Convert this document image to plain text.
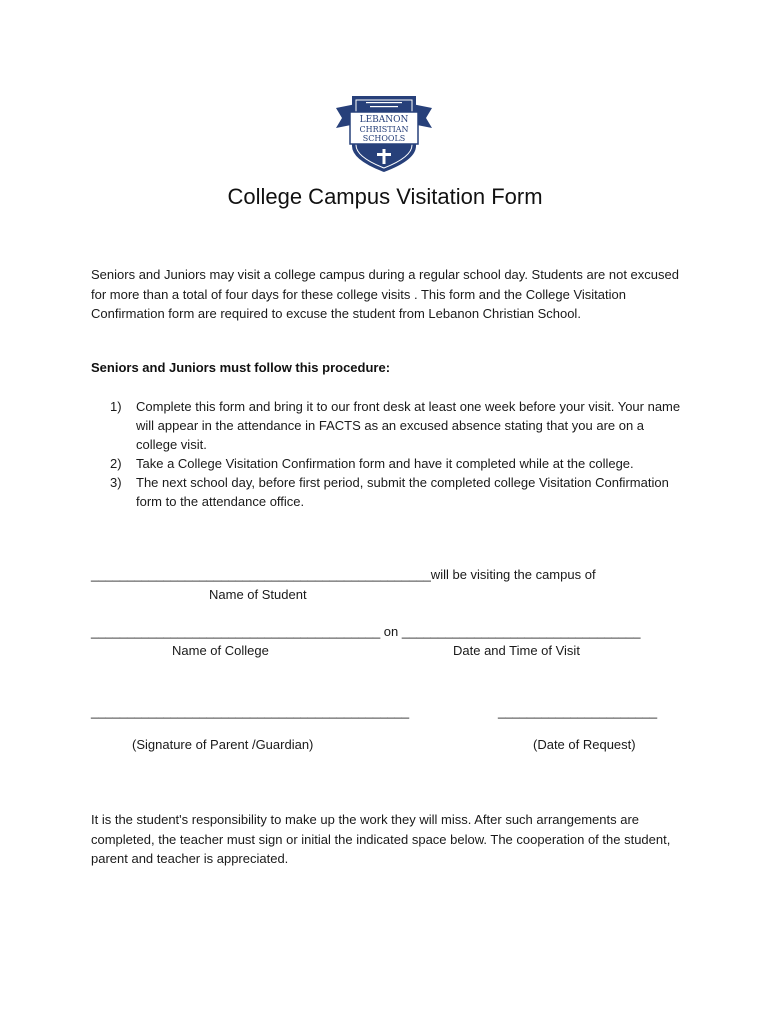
LEBANON
CHRISTIAN
SCHOOLS
College Campus Visitation Form
Seniors and Juniors may visit a college campus during a regular school day. Students are not excused for more than a total of four days for these college visits . This form and the College Visitation Confirmation form are required to excuse the student from Lebanon Christian School.
Seniors and Juniors must follow this procedure:
1)	Complete this form and bring it to our front desk at least one week before your visit. Your name will appear in the attendance in FACTS as an excused absence stating that you are on a college visit.
2)	Take a College Visitation Confirmation form and have it completed while at the college.
3)	The next school day, before first period, submit the completed college Visitation Confirmation form to the attendance office.
_______________________________________________will be visiting the campus of
Name of Student
________________________________________ on _________________________________
Name of College	Date and Time of Visit
____________________________________________	______________________
(Signature of Parent /Guardian)	(Date of Request)
It is the student's responsibility to make up the work they will miss. After such arrangements are completed, the teacher must sign or initial the indicated space below. The cooperation of the student, parent and teacher is appreciated.
